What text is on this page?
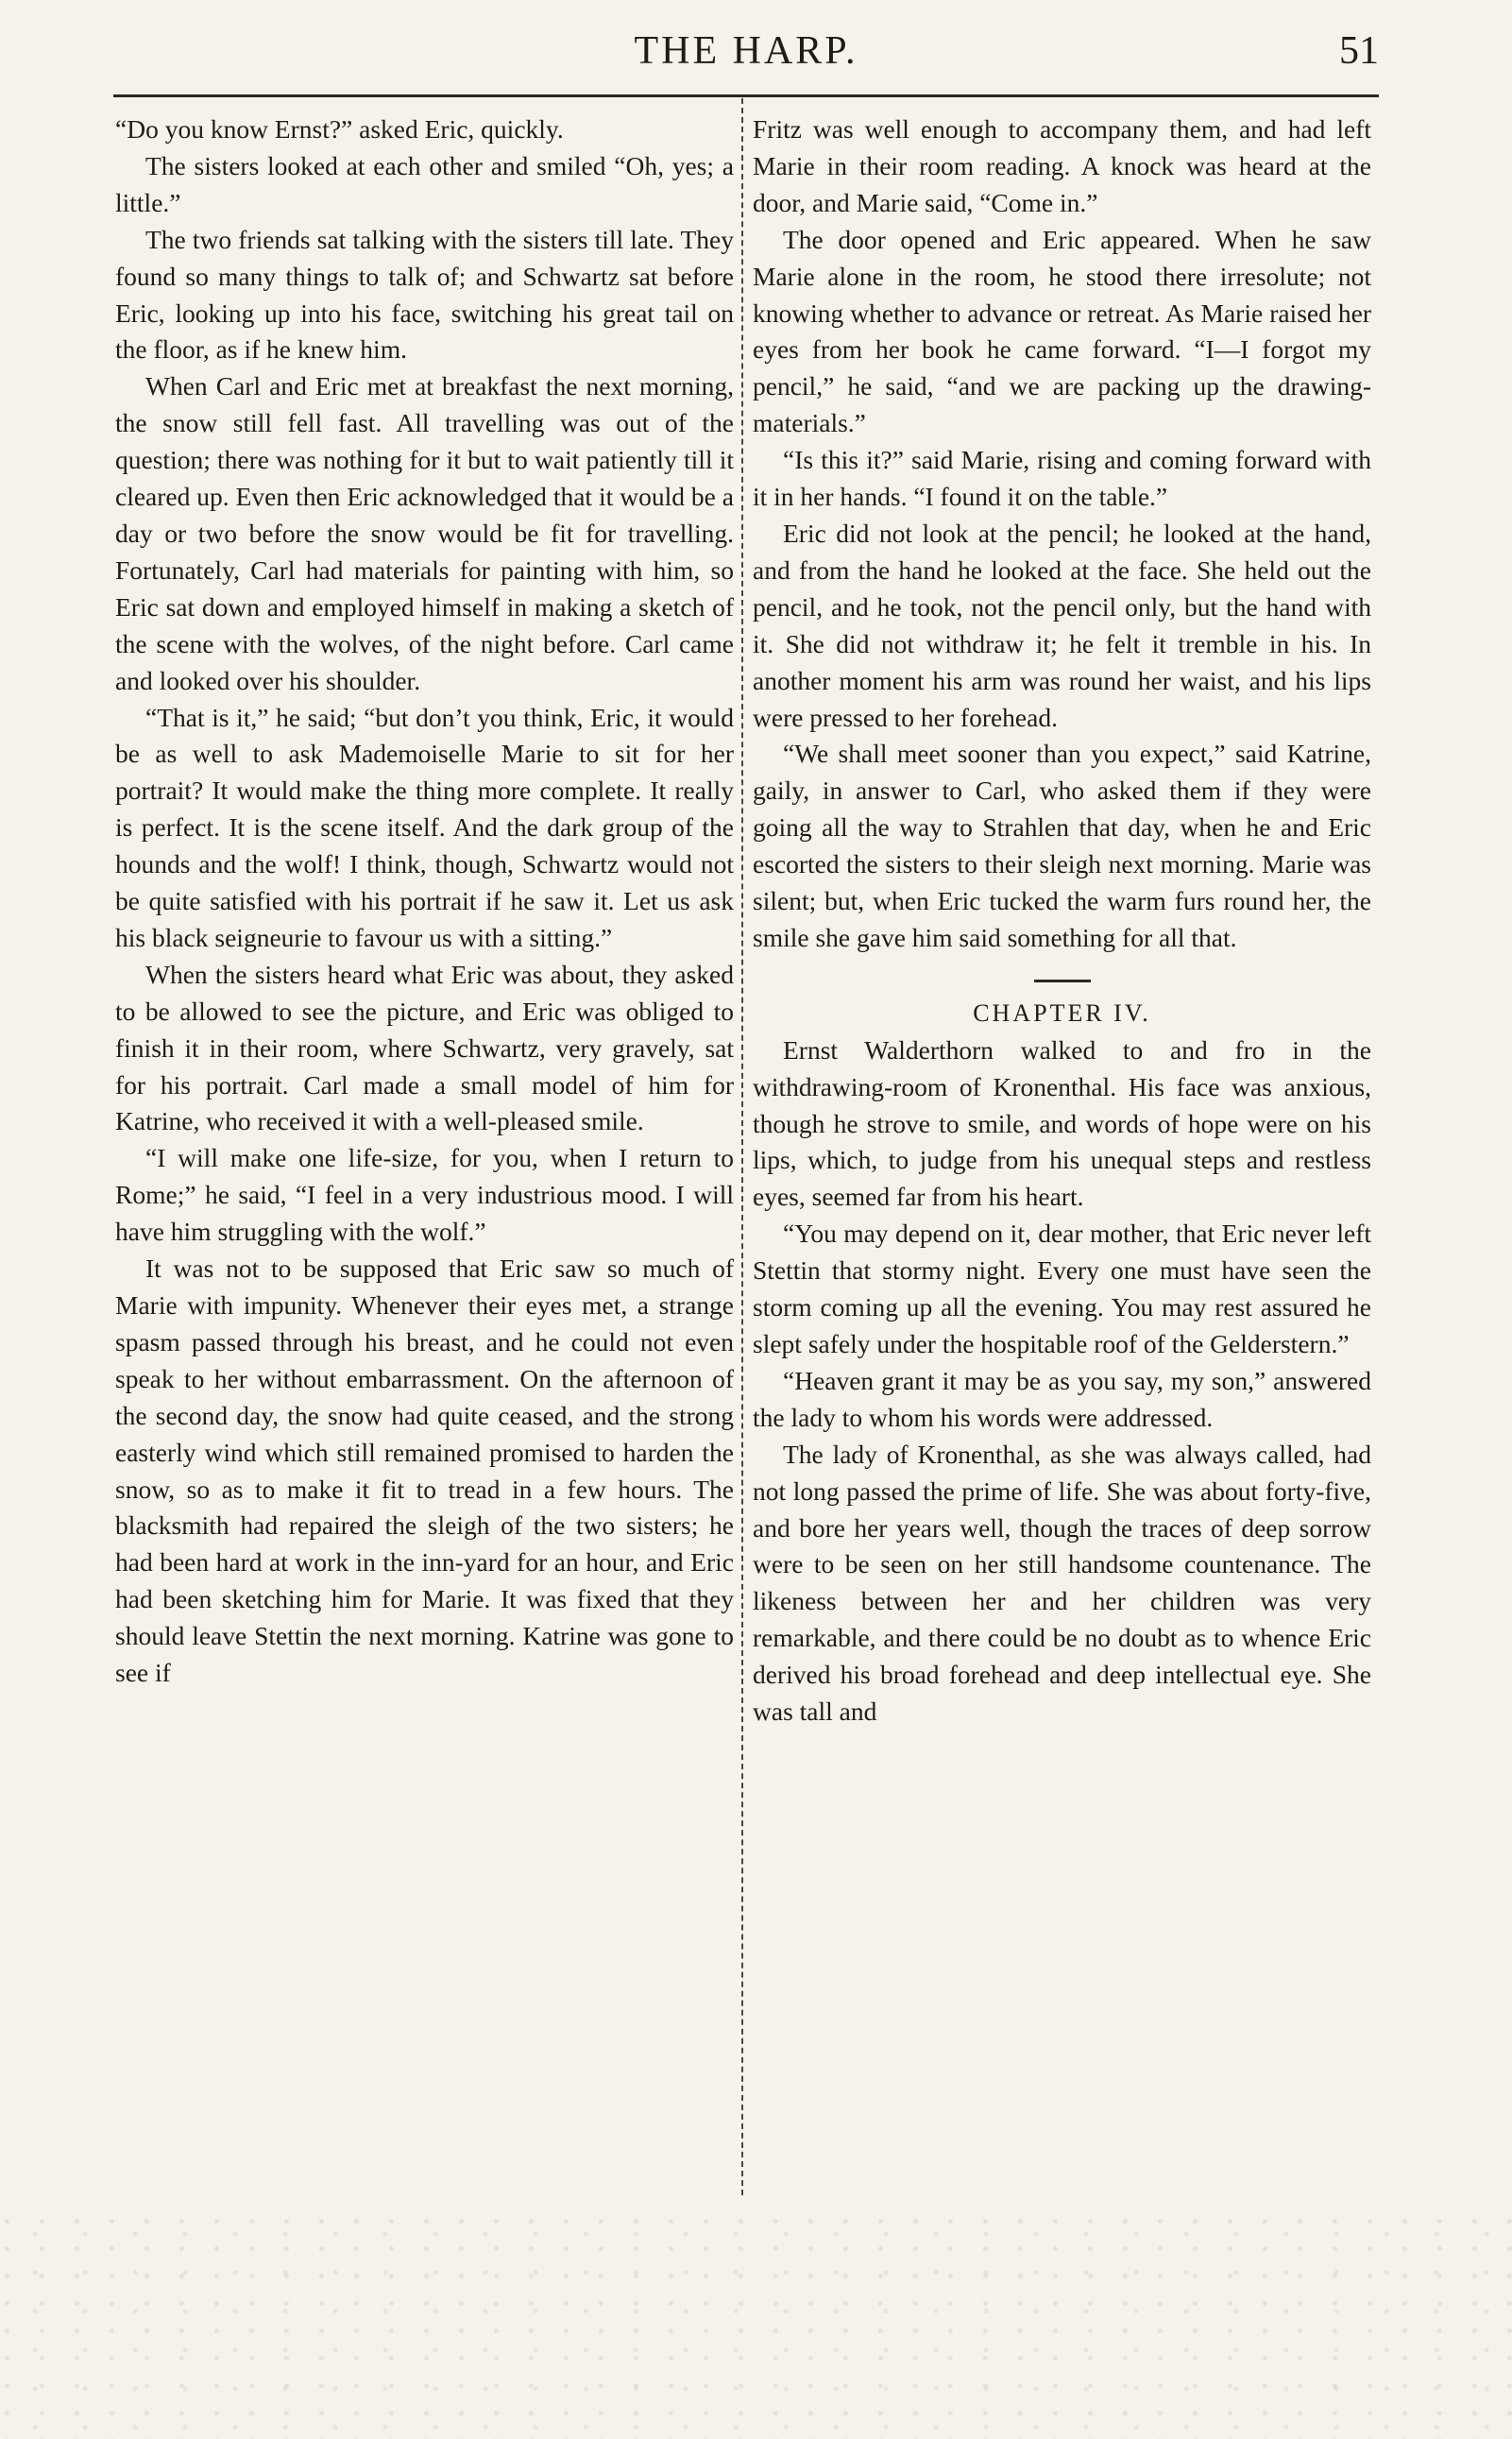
THE HARP.	51

“Do you know Ernst?” asked Eric, quickly.

The sisters looked at each other and smiled “Oh, yes; a little.”

The two friends sat talking with the sisters till late. They found so many things to talk of; and Schwartz sat before Eric, looking up into his face, switching his great tail on the floor, as if he knew him.

When Carl and Eric met at breakfast the next morning, the snow still fell fast. All travelling was out of the question; there was nothing for it but to wait patiently till it cleared up. Even then Eric acknowledged that it would be a day or two before the snow would be fit for travelling. Fortunately, Carl had materials for painting with him, so Eric sat down and employed himself in making a sketch of the scene with the wolves, of the night before. Carl came and looked over his shoulder.

“That is it,” he said; “but don’t you think, Eric, it would be as well to ask Mademoiselle Marie to sit for her portrait? It would make the thing more complete. It really is perfect. It is the scene itself. And the dark group of the hounds and the wolf! I think, though, Schwartz would not be quite satisfied with his portrait if he saw it. Let us ask his black seigneurie to favour us with a sitting.”

When the sisters heard what Eric was about, they asked to be allowed to see the picture, and Eric was obliged to finish it in their room, where Schwartz, very gravely, sat for his portrait. Carl made a small model of him for Katrine, who received it with a well-pleased smile.

“I will make one life-size, for you, when I return to Rome;” he said, “I feel in a very industrious mood. I will have him struggling with the wolf.”

It was not to be supposed that Eric saw so much of Marie with impunity. Whenever their eyes met, a strange spasm passed through his breast, and he could not even speak to her without embarrassment. On the afternoon of the second day, the snow had quite ceased, and the strong easterly wind which still remained promised to harden the snow, so as to make it fit to tread in a few hours. The blacksmith had repaired the sleigh of the two sisters; he had been hard at work in the inn-yard for an hour, and Eric had been sketching him for Marie. It was fixed that they should leave Stettin the next morning. Katrine was gone to see if

Fritz was well enough to accompany them, and had left Marie in their room reading. A knock was heard at the door, and Marie said, “Come in.”

The door opened and Eric appeared. When he saw Marie alone in the room, he stood there irresolute; not knowing whether to advance or retreat. As Marie raised her eyes from her book he came forward. “I—I forgot my pencil,” he said, “and we are packing up the drawing-materials.”

“Is this it?” said Marie, rising and coming forward with it in her hands. “I found it on the table.”

Eric did not look at the pencil; he looked at the hand, and from the hand he looked at the face. She held out the pencil, and he took, not the pencil only, but the hand with it. She did not withdraw it; he felt it tremble in his. In another moment his arm was round her waist, and his lips were pressed to her forehead.

“We shall meet sooner than you expect,” said Katrine, gaily, in answer to Carl, who asked them if they were going all the way to Strahlen that day, when he and Eric escorted the sisters to their sleigh next morning. Marie was silent; but, when Eric tucked the warm furs round her, the smile she gave him said something for all that.

CHAPTER IV.

Ernst Walderthorn walked to and fro in the withdrawing-room of Kronenthal. His face was anxious, though he strove to smile, and words of hope were on his lips, which, to judge from his unequal steps and restless eyes, seemed far from his heart.

“You may depend on it, dear mother, that Eric never left Stettin that stormy night. Every one must have seen the storm coming up all the evening. You may rest assured he slept safely under the hospitable roof of the Gelderstern.”

“Heaven grant it may be as you say, my son,” answered the lady to whom his words were addressed.

The lady of Kronenthal, as she was always called, had not long passed the prime of life. She was about forty-five, and bore her years well, though the traces of deep sorrow were to be seen on her still handsome countenance. The likeness between her and her children was very remarkable, and there could be no doubt as to whence Eric derived his broad forehead and deep intellectual eye. She was tall and
